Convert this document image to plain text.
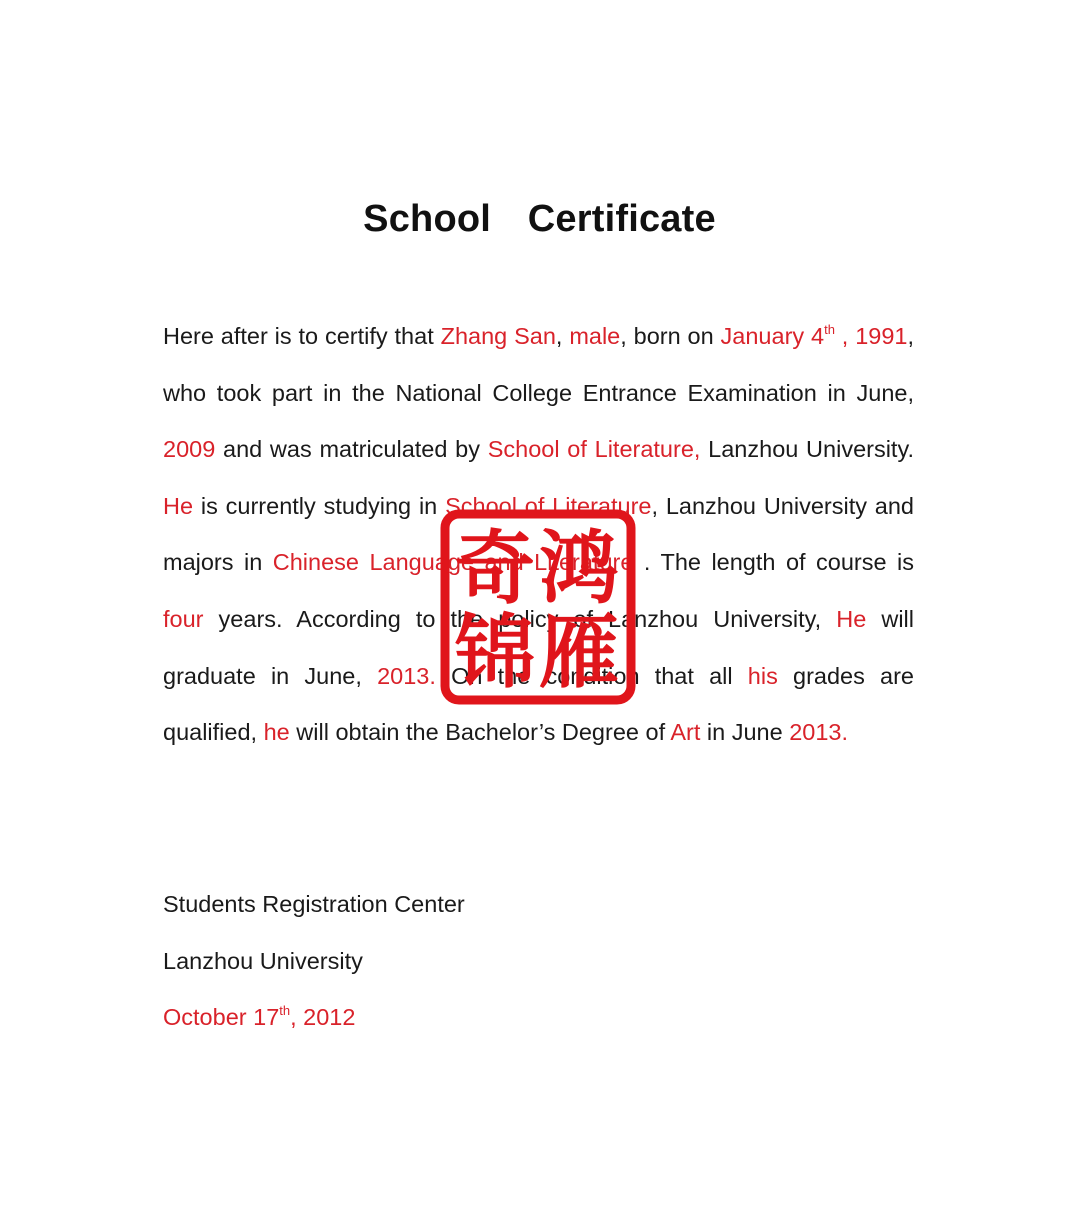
School Certificate

Here after is to certify that Zhang San, male, born on January 4th , 1991, who took part in the National College Entrance Examination in June, 2009 and was matriculated by School of Literature, Lanzhou University. He is currently studying in School of Literature, Lanzhou University and majors in Chinese Language and Literature . The length of course is four years. According to the policy of Lanzhou University, He will graduate in June, 2013. On the condition that all his grades are qualified, he will obtain the Bachelor’s Degree of Art in June 2013.

Students Registration Center
Lanzhou University
October 17th, 2012
奇 鸿
锦 雁
